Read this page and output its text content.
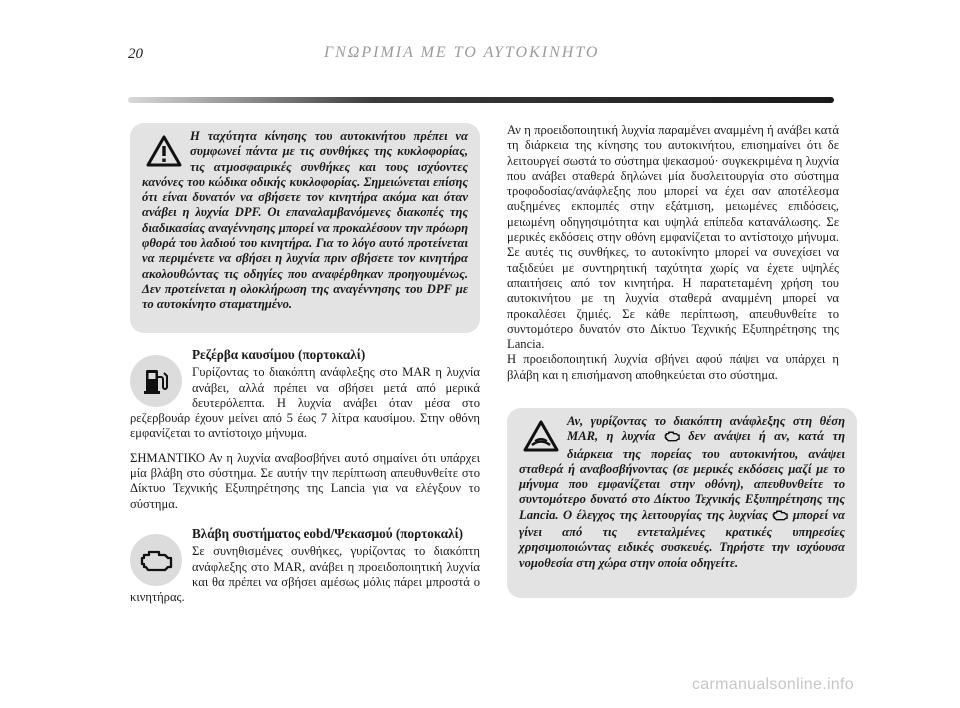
20	ΓΝΩΡΙΜΙΑ ΜΕ ΤΟ ΑΥΤΟΚΙΝΗΤΟ
Η ταχύτητα κίνησης του αυτοκινήτου πρέπει να συμφωνεί πάντα με τις συνθήκες της κυκλοφορίας, τις ατμοσφαιρικές συνθήκες και τους ισχύοντες κανόνες του κώδικα οδικής κυκλοφορίας. Σημειώνεται επίσης ότι είναι δυνατόν να σβήσετε τον κινητήρα ακόμα και όταν ανάβει η λυχνία DPF. Οι επαναλαμβανόμενες διακοπές της διαδικασίας αναγέννησης μπορεί να προκαλέσουν την πρόωρη φθορά του λαδιού του κινητήρα. Για το λόγο αυτό προτείνεται να περιμένετε να σβήσει η λυχνία πριν σβήσετε τον κινητήρα ακολουθώντας τις οδηγίες που αναφέρθηκαν προηγουμένως. Δεν προτείνεται η ολοκλήρωση της αναγέννησης του DPF με το αυτοκίνητο σταματημένο.

Ρεζέρβα καυσίμου (πορτοκαλί)

Γυρίζοντας το διακόπτη ανάφλεξης στο MAR η λυχνία ανάβει, αλλά πρέπει να σβήσει μετά από μερικά δευτερόλεπτα. Η λυχνία ανάβει όταν μέσα στο ρεζερβουάρ έχουν μείνει από 5 έως 7 λίτρα καυσίμου. Στην οθόνη εμφανίζεται το αντίστοιχο μήνυμα.

ΣΗΜΑΝΤΙΚΟ Αν η λυχνία αναβοσβήνει αυτό σημαίνει ότι υπάρχει μία βλάβη στο σύστημα. Σε αυτήν την περίπτωση απευθυνθείτε στο Δίκτυο Τεχνικής Εξυπηρέτησης της Lancia για να ελέγξουν το σύστημα.

Βλάβη συστήματος eobd/Ψεκασμού (πορτοκαλί)

Σε συνηθισμένες συνθήκες, γυρίζοντας το διακόπτη ανάφλεξης στο MAR, ανάβει η προειδοποιητική λυχνία και θα πρέπει να σβήσει αμέσως μόλις πάρει μπροστά ο κινητήρας.

Αν η προειδοποιητική λυχνία παραμένει αναμμένη ή ανάβει κατά τη διάρκεια της κίνησης του αυτοκινήτου, επισημαίνει ότι δε λειτουργεί σωστά το σύστημα ψεκασμού· συγκεκριμένα η λυχνία που ανάβει σταθερά δηλώνει μία δυσλειτουργία στο σύστημα τροφοδοσίας/ανάφλεξης που μπορεί να έχει σαν αποτέλεσμα αυξημένες εκπομπές στην εξάτμιση, μειωμένες επιδόσεις, μειωμένη οδηγησιμότητα και υψηλά επίπεδα κατανάλωσης. Σε μερικές εκδόσεις στην οθόνη εμφανίζεται το αντίστοιχο μήνυμα. Σε αυτές τις συνθήκες, το αυτοκίνητο μπορεί να συνεχίσει να ταξιδεύει με συντηρητική ταχύτητα χωρίς να έχετε υψηλές απαιτήσεις από τον κινητήρα. Η παρατεταμένη χρήση του αυτοκινήτου με τη λυχνία σταθερά αναμμένη μπορεί να προκαλέσει ζημιές. Σε κάθε περίπτωση, απευθυνθείτε το συντομότερο δυνατόν στο Δίκτυο Τεχνικής Εξυπηρέτησης της Lancia.

Η προειδοποιητική λυχνία σβήνει αφού πάψει να υπάρχει η βλάβη και η επισήμανση αποθηκεύεται στο σύστημα.

Αν, γυρίζοντας το διακόπτη ανάφλεξης στη θέση MAR, η λυχνία	δεν ανάψει ή αν, κατά τη διάρκεια της πορείας του αυτοκινήτου, ανάψει σταθερά ή αναβοσβήνοντας (σε μερικές εκδόσεις μαζί με το μήνυμα που εμφανίζεται στην οθόνη), απευθυνθείτε το συντομότερο δυνατό στο Δίκτυο Τεχνικής Εξυπηρέτησης της Lancia. Ο έλεγχος της λειτουργίας της λυχνίας μπορεί να γίνει από τις εντεταλμένες κρατικές υπηρεσίες χρησιμοποιώντας ειδικές συσκευές. Τηρήστε την ισχύουσα νομοθεσία στη χώρα στην οποία οδηγείτε.
carmanualsonline.info
